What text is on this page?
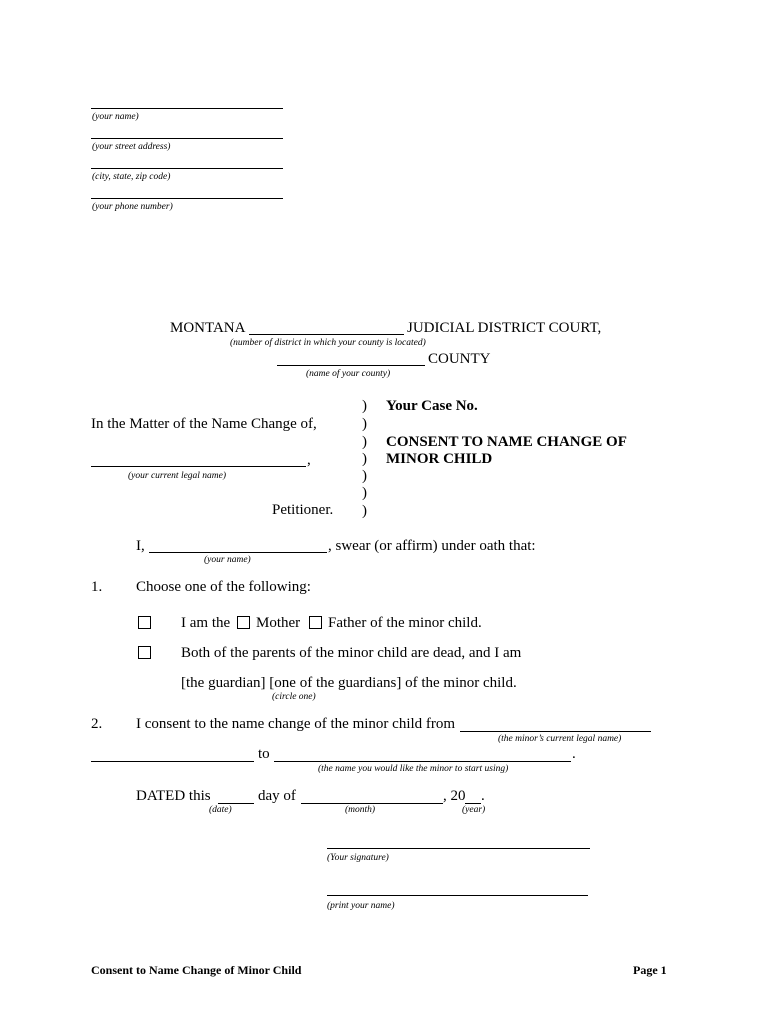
(your name)
(your street address)
(city, state, zip code)
(your phone number)
MONTANA	JUDICIAL DISTRICT COURT,
(number of district in which your county is located)
COUNTY
(name of your county)
)
)
)
)
)
)
)
In the Matter of the Name Change of,
,
(your current legal name)
Petitioner.
Your Case No.
CONSENT TO NAME CHANGE OF
MINOR CHILD
I,	, swear (or affirm) under oath that:
(your name)
1. Choose one of the following:
I am the Mother Father of the minor child.
Both of the parents of the minor child are dead, and I am
[the guardian] [one of the guardians] of the minor child.
(circle one)
2. I consent to the name change of the minor child from
(the minor’s current legal name)
to	.
(the name you would like the minor to start using)
DATED this	day of	, 20 .
(date)	(month)	(year)
(Your signature)
(print your name)
Consent to Name Change of Minor Child	Page 1
